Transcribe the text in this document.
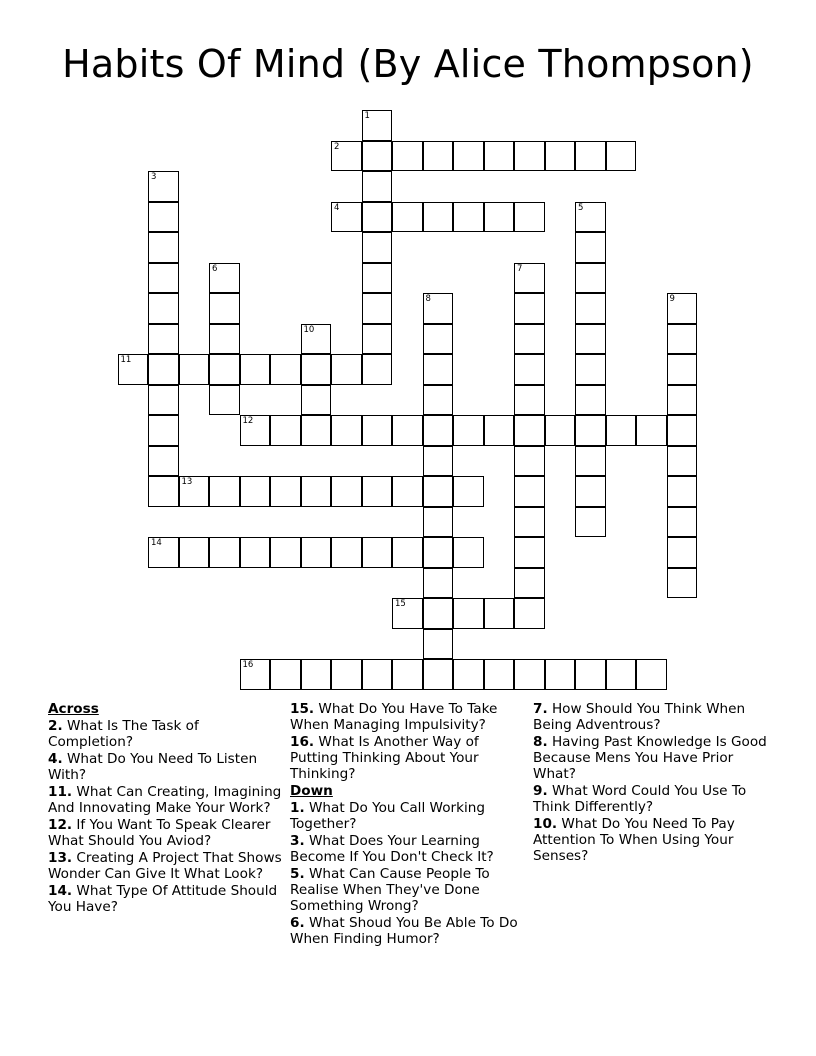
Habits Of Mind (By Alice Thompson)
1
2
3
4	5
6	7
8	9
10
11
12
13
14
15
16
Across
2. What Is The Task of Completion?
4. What Do You Need To Listen With?
11. What Can Creating, Imagining And Innovating Make Your Work?
12. If You Want To Speak Clearer What Should You Aviod?
13. Creating A Project That Shows Wonder Can Give It What Look?
14. What Type Of Attitude Should You Have?
15. What Do You Have To Take When Managing Impulsivity?
16. What Is Another Way of Putting Thinking About Your Thinking?
Down
1. What Do You Call Working Together?
3. What Does Your Learning Become If You Don't Check It?
5. What Can Cause People To Realise When They've Done Something Wrong?
6. What Shoud You Be Able To Do When Finding Humor?
7. How Should You Think When Being Adventrous?
8. Having Past Knowledge Is Good Because Mens You Have Prior What?
9. What Word Could You Use To Think Differently?
10. What Do You Need To Pay Attention To When Using Your Senses?
